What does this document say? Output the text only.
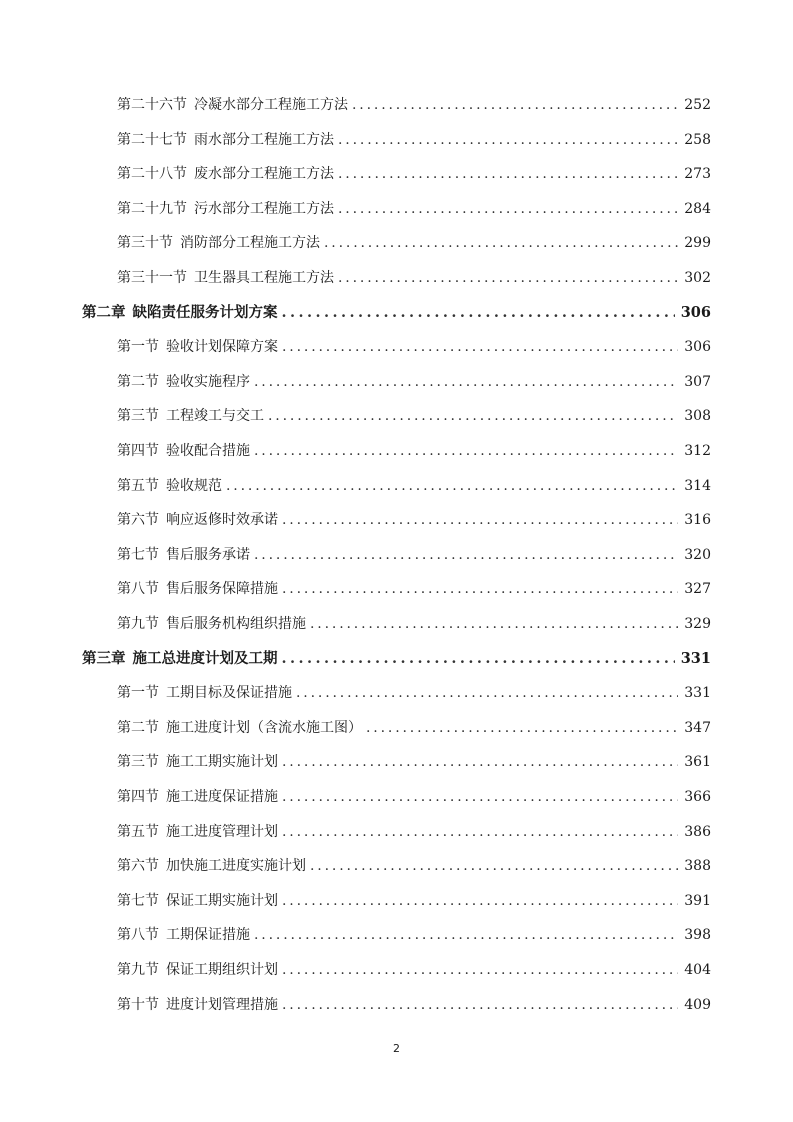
第二十六节 冷凝水部分工程施工方法 . . .	252
第二十七节 雨水部分工程施工方法 . . .	258
第二十八节 废水部分工程施工方法 . . .	273
第二十九节 污水部分工程施工方法 . . .	284
第三十节 消防部分工程施工方法 . . .	299
第三十一节 卫生器具工程施工方法 . . .	302
第二章 缺陷责任服务计划方案 . . .	306
第一节 验收计划保障方案 . . .	306
第二节 验收实施程序 . . .	307
第三节 工程竣工与交工 . . .	308
第四节 验收配合措施 . . .	312
第五节 验收规范 . . .	314
第六节 响应返修时效承诺 . . .	316
第七节 售后服务承诺 . . .	320
第八节 售后服务保障措施 . . .	327
第九节 售后服务机构组织措施 . . .	329
第三章 施工总进度计划及工期 . . .	331
第一节 工期目标及保证措施 . . .	331
第二节 施工进度计划（含流水施工图） . . .	347
第三节 施工工期实施计划 . . .	361
第四节 施工进度保证措施 . . .	366
第五节 施工进度管理计划 . . .	386
第六节 加快施工进度实施计划 . . .	388
第七节 保证工期实施计划 . . .	391
第八节 工期保证措施 . . .	398
第九节 保证工期组织计划 . . .	404
第十节 进度计划管理措施 . . .	409
2
